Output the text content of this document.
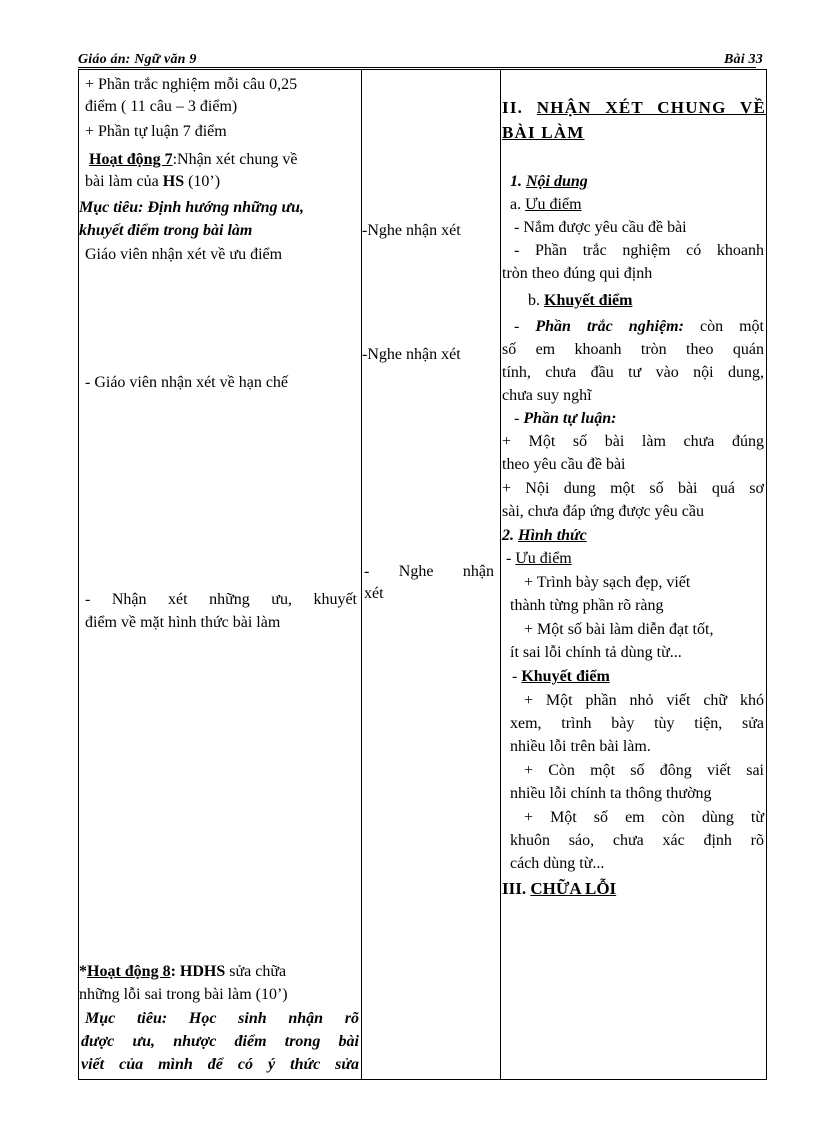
Giáo án: Ngữ văn 9	Bài 33

+ Phần trắc nghiệm mỗi câu 0,25

điểm ( 11 câu – 3 điểm)

+ Phần tự luận 7 điểm

Hoạt động 7:Nhận xét chung về

bài làm của HS (10’)

Mục tiêu: Định hướng những ưu,

khuyết điểm trong bài làm

Giáo viên nhận xét về ưu điểm

- Giáo viên nhận xét về hạn chế

- Nhận xét những ưu, khuyết

điểm về mặt hình thức bài làm

*Hoạt động 8: HDHS sửa chữa

những lỗi sai trong bài làm (10’)

Mục tiêu: Học sinh nhận rõ

được ưu, nhược điểm trong bài

viết của mình để có ý thức sửa

-Nghe nhận xét

-Nghe nhận xét

- Nghe nhận

xét

II. NHẬN XÉT CHUNG VỀ

BÀI LÀM

1. Nội dung

a. Ưu điểm

- Nắm được yêu cầu đề bài

- Phần trắc nghiệm có khoanh

tròn theo đúng qui định

b. Khuyết điểm

- Phần trắc nghiệm: còn một

số em khoanh tròn theo quán

tính, chưa đầu tư vào nội dung,

chưa suy nghĩ

- Phần tự luận:

+ Một số bài làm chưa đúng

theo yêu cầu đề bài

+ Nội dung một số bài quá sơ

sài, chưa đáp ứng được yêu cầu

2. Hình thức

- Ưu điểm

+ Trình bày sạch đẹp, viết

thành từng phần rõ ràng

+ Một số bài làm diễn đạt tốt,

ít sai lỗi chính tả dùng từ...

- Khuyết điểm

+ Một phần nhỏ viết chữ khó

xem, trình bày tùy tiện, sửa

nhiều lỗi trên bài làm.

+ Còn một số đông viết sai

nhiều lỗi chính ta thông thường

+ Một số em còn dùng từ

khuôn sáo, chưa xác định rõ

cách dùng từ...

III. CHỮA LỖI
